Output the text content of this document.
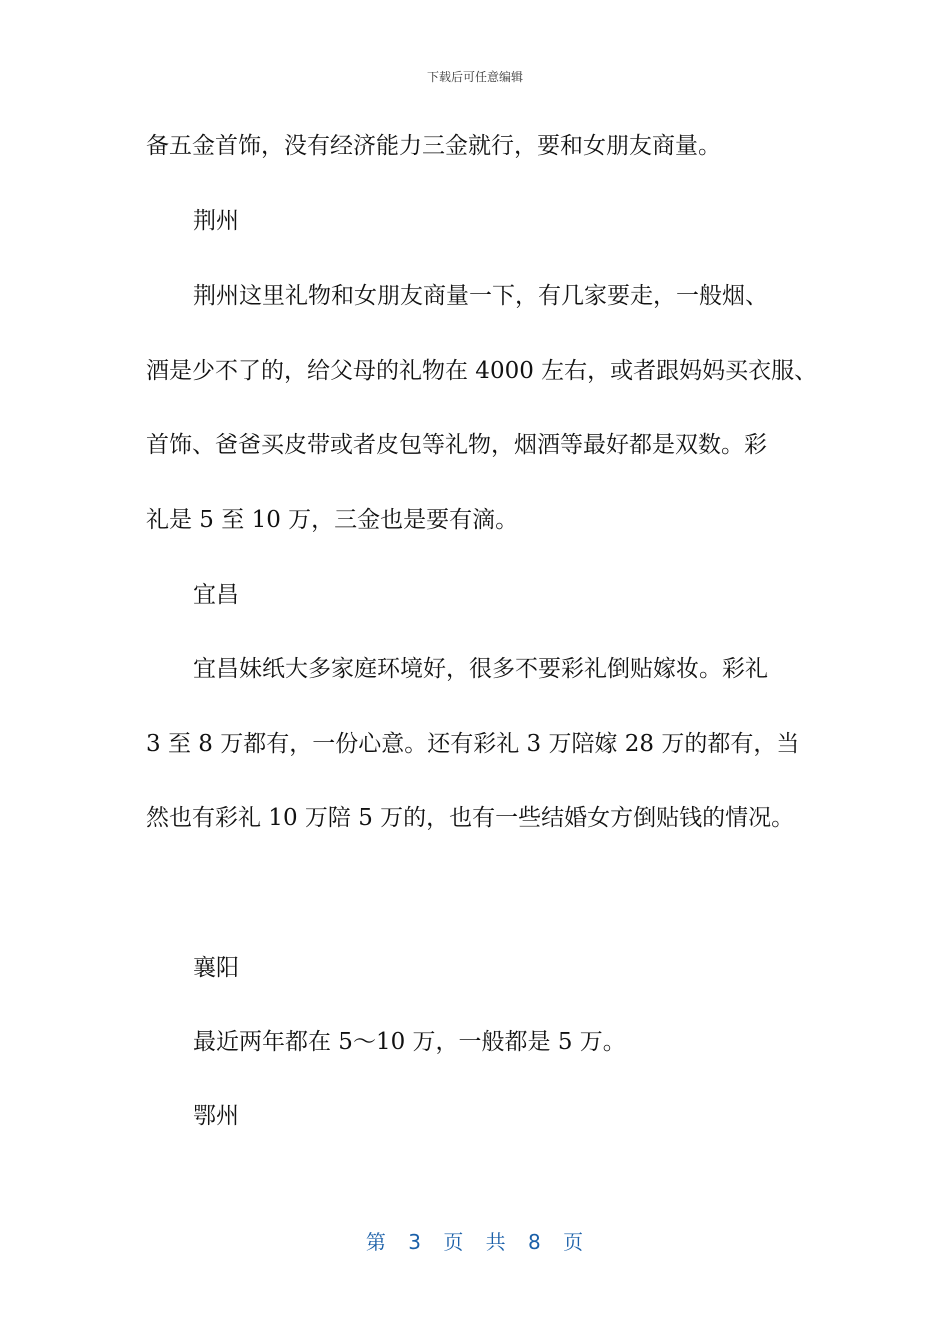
下载后可任意编辑
备五金首饰，没有经济能力三金就行，要和女朋友商量。
荆州
荆州这里礼物和女朋友商量一下，有几家要走，一般烟、
酒是少不了的，给父母的礼物在 4000 左右，或者跟妈妈买衣服、
首饰、爸爸买皮带或者皮包等礼物，烟酒等最好都是双数。彩
礼是 5 至 10 万，三金也是要有滴。
宜昌
宜昌妹纸大多家庭环境好，很多不要彩礼倒贴嫁妆。彩礼
3 至 8 万都有，一份心意。还有彩礼 3 万陪嫁 28 万的都有，当
然也有彩礼 10 万陪 5 万的，也有一些结婚女方倒贴钱的情况。
襄阳
最近两年都在 5～10 万，一般都是 5 万。
鄂州
第 3 页 共 8 页
